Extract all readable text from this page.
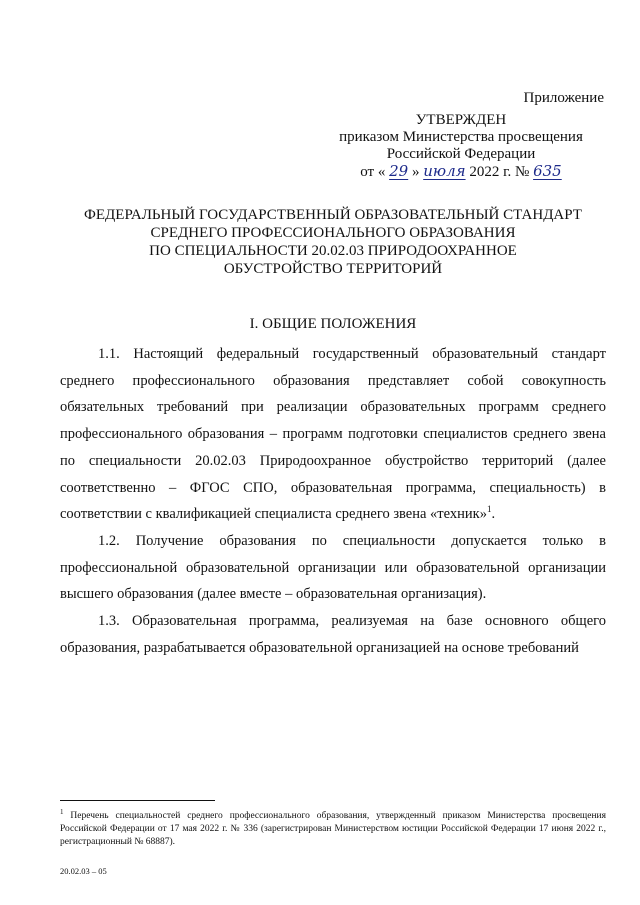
Приложение
УТВЕРЖДЕН
приказом Министерства просвещения
Российской Федерации
от « 29 » июля 2022 г. № 635
ФЕДЕРАЛЬНЫЙ ГОСУДАРСТВЕННЫЙ ОБРАЗОВАТЕЛЬНЫЙ СТАНДАРТ
СРЕДНЕГО ПРОФЕССИОНАЛЬНОГО ОБРАЗОВАНИЯ
ПО СПЕЦИАЛЬНОСТИ 20.02.03 ПРИРОДООХРАННОЕ
ОБУСТРОЙСТВО ТЕРРИТОРИЙ
I. ОБЩИЕ ПОЛОЖЕНИЯ

1.1. Настоящий федеральный государственный образовательный стандарт среднего профессионального образования представляет собой совокупность обязательных требований при реализации образовательных программ среднего профессионального образования – программ подготовки специалистов среднего звена по специальности 20.02.03 Природоохранное обустройство территорий (далее соответственно – ФГОС СПО, образовательная программа, специальность) в соответствии с квалификацией специалиста среднего звена «техник»$^1$.

1.2. Получение образования по специальности допускается только в профессиональной образовательной организации или образовательной организации высшего образования (далее вместе – образовательная организация).

1.3. Образовательная программа, реализуемая на базе основного общего образования, разрабатывается образовательной организацией на основе требований

$^1$ Перечень специальностей среднего профессионального образования, утвержденный приказом Министерства просвещения Российской Федерации от 17 мая 2022 г. № 336 (зарегистрирован Министерством юстиции Российской Федерации 17 июня 2022 г., регистрационный № 68887).
20.02.03 – 05
